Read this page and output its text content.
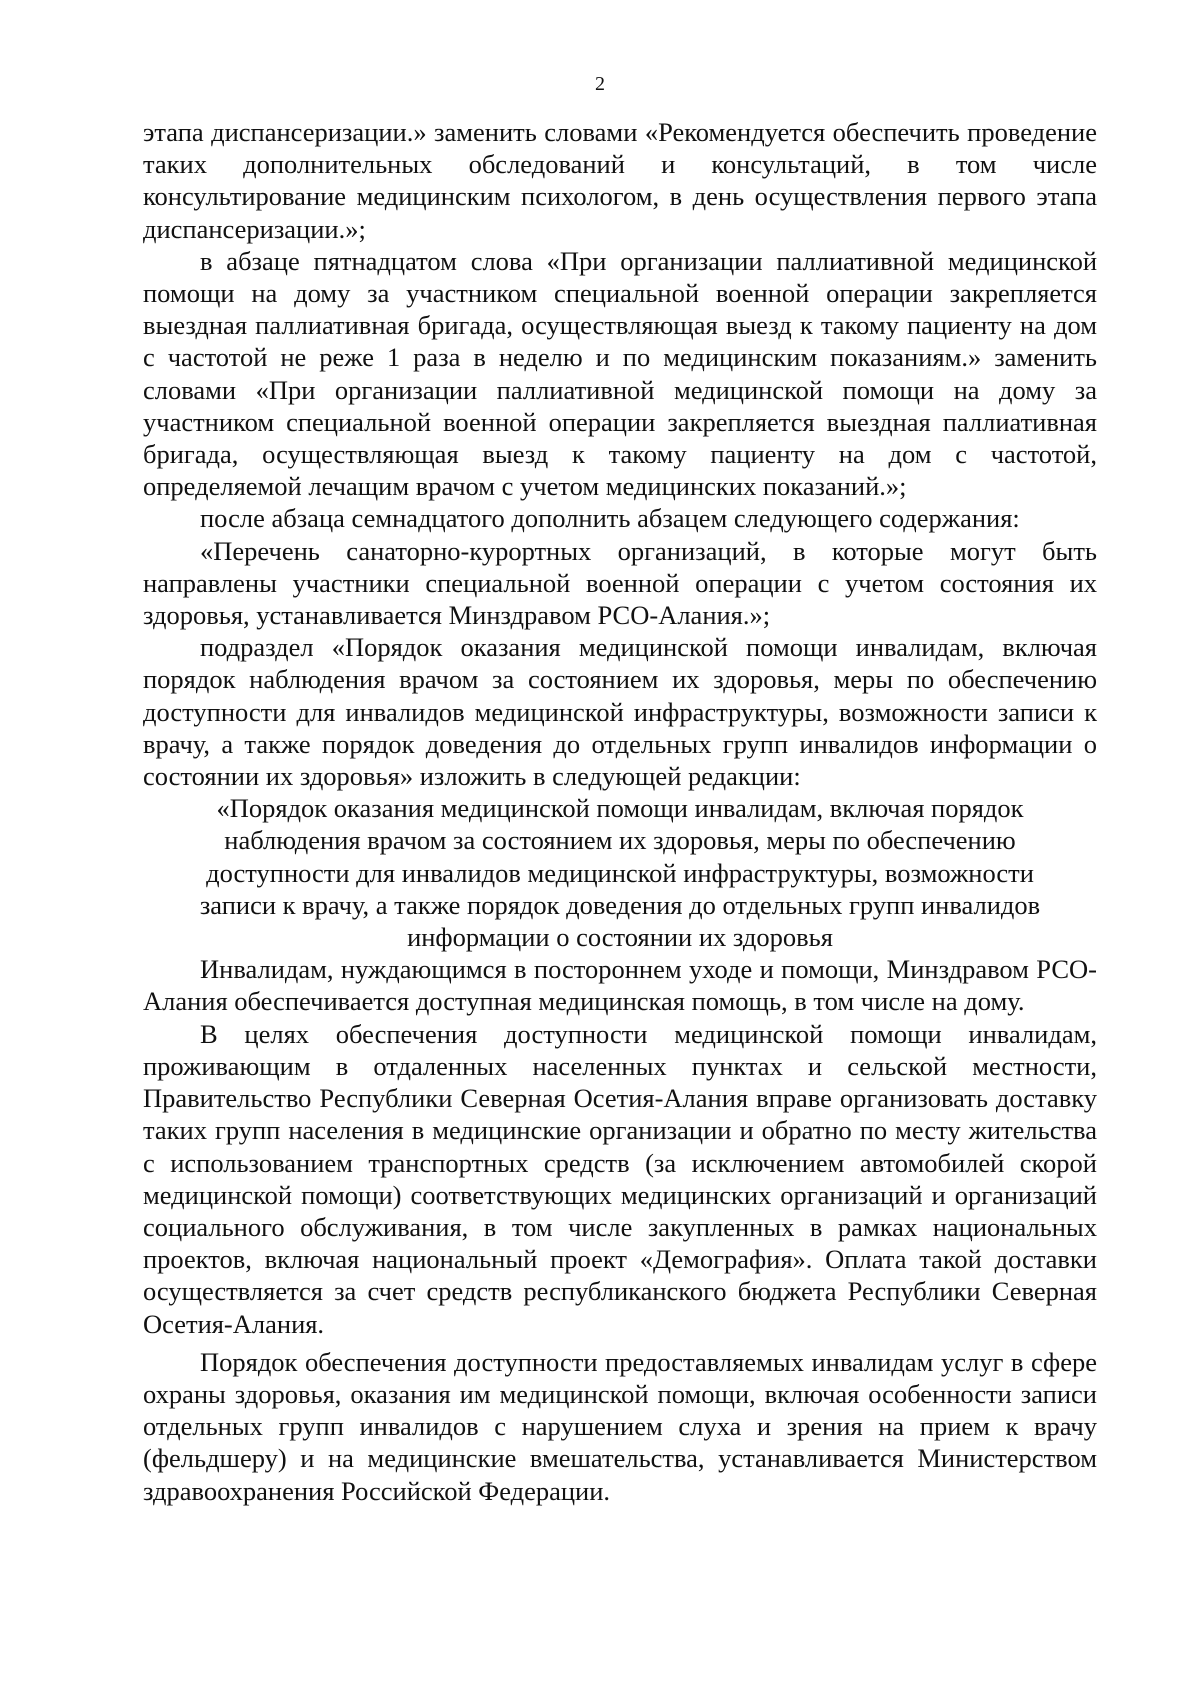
2

этапа диспансеризации.» заменить словами «Рекомендуется обеспечить проведение таких дополнительных обследований и консультаций, в том числе консультирование медицинским психологом, в день осуществления первого этапа диспансеризации.»;

в абзаце пятнадцатом слова «При организации паллиативной медицинской помощи на дому за участником специальной военной операции закрепляется выездная паллиативная бригада, осуществляющая выезд к такому пациенту на дом с частотой не реже 1 раза в неделю и по медицинским показаниям.» заменить словами «При организации паллиативной медицинской помощи на дому за участником специальной военной операции закрепляется выездная паллиативная бригада, осуществляющая выезд к такому пациенту на дом с частотой, определяемой лечащим врачом с учетом медицинских показаний.»;

после абзаца семнадцатого дополнить абзацем следующего содержания:

«Перечень санаторно-курортных организаций, в которые могут быть направлены участники специальной военной операции с учетом состояния их здоровья, устанавливается Минздравом РСО-Алания.»;

подраздел «Порядок оказания медицинской помощи инвалидам, включая порядок наблюдения врачом за состоянием их здоровья, меры по обеспечению доступности для инвалидов медицинской инфраструктуры, возможности записи к врачу, а также порядок доведения до отдельных групп инвалидов информации о состоянии их здоровья» изложить в следующей редакции:

«Порядок оказания медицинской помощи инвалидам, включая порядок наблюдения врачом за состоянием их здоровья, меры по обеспечению доступности для инвалидов медицинской инфраструктуры, возможности записи к врачу, а также порядок доведения до отдельных групп инвалидов информации о состоянии их здоровья

Инвалидам, нуждающимся в постороннем уходе и помощи, Минздравом РСО-Алания обеспечивается доступная медицинская помощь, в том числе на дому.

В целях обеспечения доступности медицинской помощи инвалидам, проживающим в отдаленных населенных пунктах и сельской местности, Правительство Республики Северная Осетия-Алания вправе организовать доставку таких групп населения в медицинские организации и обратно по месту жительства с использованием транспортных средств (за исключением автомобилей скорой медицинской помощи) соответствующих медицинских организаций и организаций социального обслуживания, в том числе закупленных в рамках национальных проектов, включая национальный проект «Демография». Оплата такой доставки осуществляется за счет средств республиканского бюджета Республики Северная Осетия-Алания.

Порядок обеспечения доступности предоставляемых инвалидам услуг в сфере охраны здоровья, оказания им медицинской помощи, включая особенности записи отдельных групп инвалидов с нарушением слуха и зрения на прием к врачу (фельдшеру) и на медицинские вмешательства, устанавливается Министерством здравоохранения Российской Федерации.
